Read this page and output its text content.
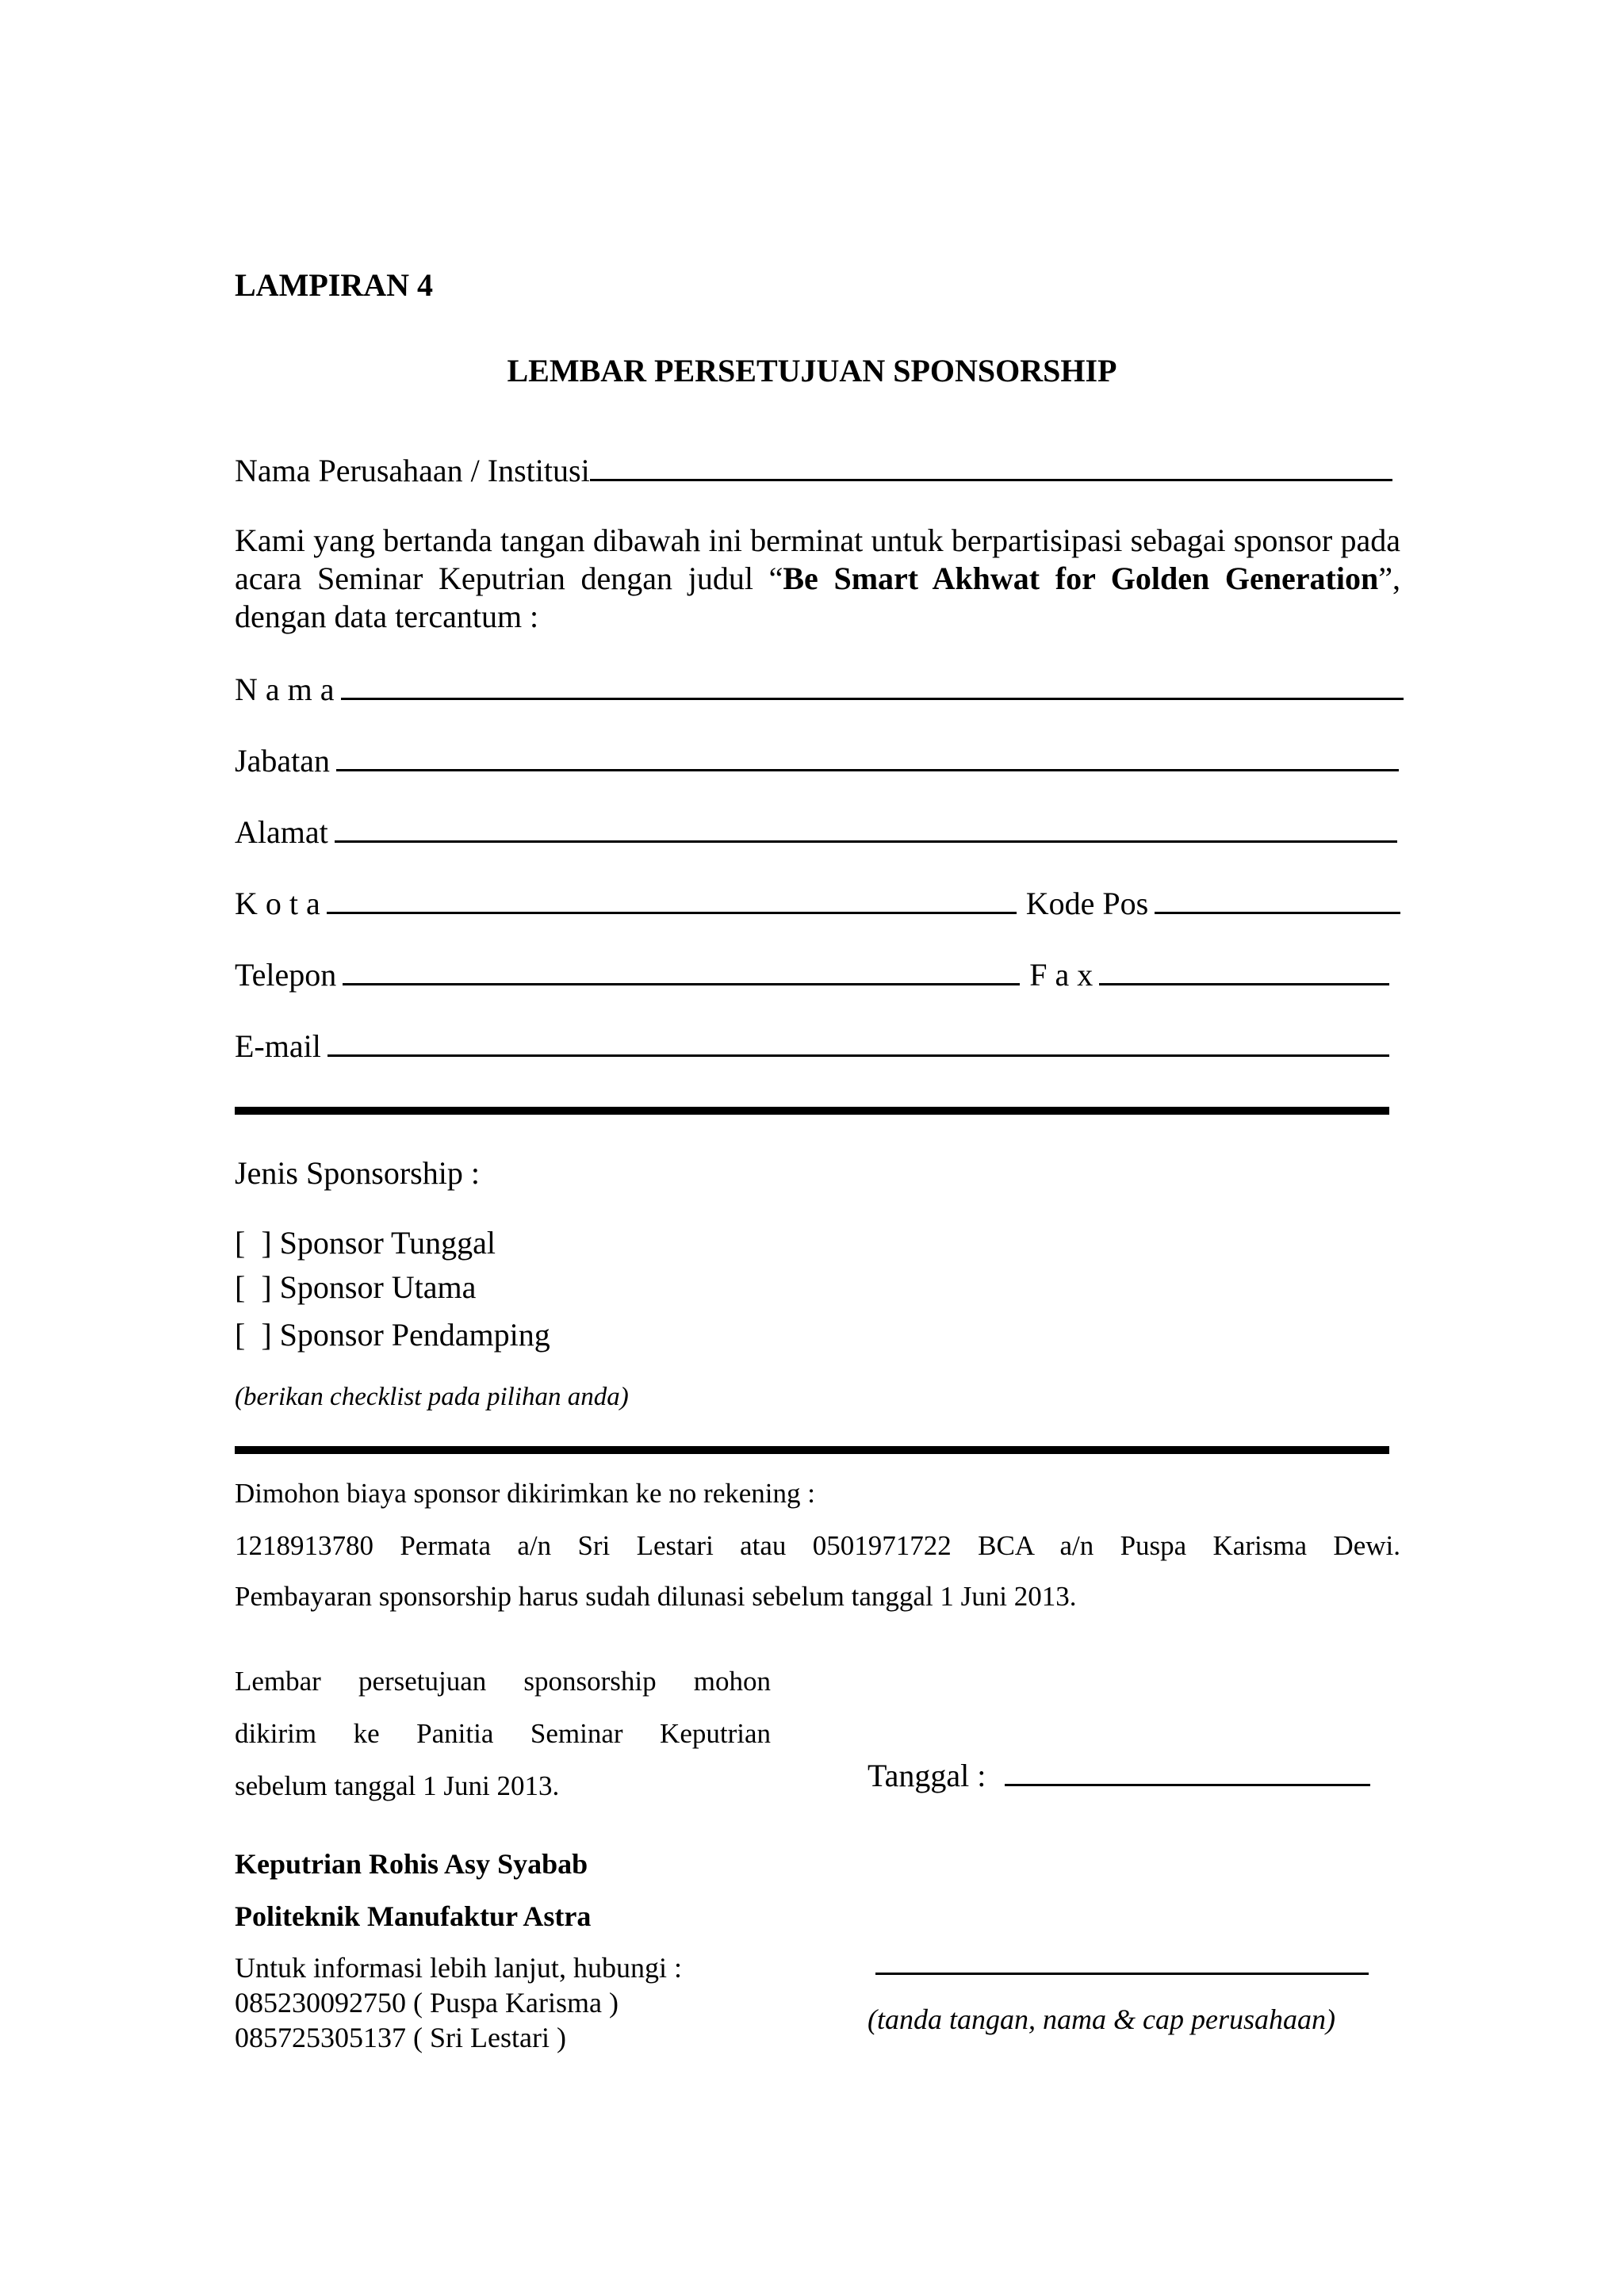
LAMPIRAN 4
LEMBAR PERSETUJUAN SPONSORSHIP
Nama Perusahaan / Institusi
Kami yang bertanda tangan dibawah ini berminat untuk berpartisipasi sebagai sponsor pada acara Seminar Keputrian dengan judul “Be Smart Akhwat for Golden Generation”, dengan data tercantum :
N a m a
Jabatan
Alamat
K o t a	Kode Pos
Telepon	F a x
E-mail
Jenis Sponsorship :
[  ] Sponsor Tunggal
[  ] Sponsor Utama
[  ] Sponsor Pendamping
(berikan checklist pada pilihan anda)
Dimohon biaya sponsor dikirimkan ke no rekening :
1218913780 Permata a/n Sri Lestari atau 0501971722 BCA a/n Puspa Karisma Dewi.
Pembayaran sponsorship harus sudah dilunasi sebelum tanggal 1 Juni 2013.
Lembar persetujuan sponsorship mohon
dikirim ke Panitia Seminar Keputrian
sebelum tanggal 1 Juni 2013.	Tanggal :
Keputrian Rohis Asy Syabab
Politeknik Manufaktur Astra
Untuk informasi lebih lanjut, hubungi :
085230092750 ( Puspa Karisma )
085725305137 ( Sri Lestari )
(tanda tangan, nama & cap perusahaan)
